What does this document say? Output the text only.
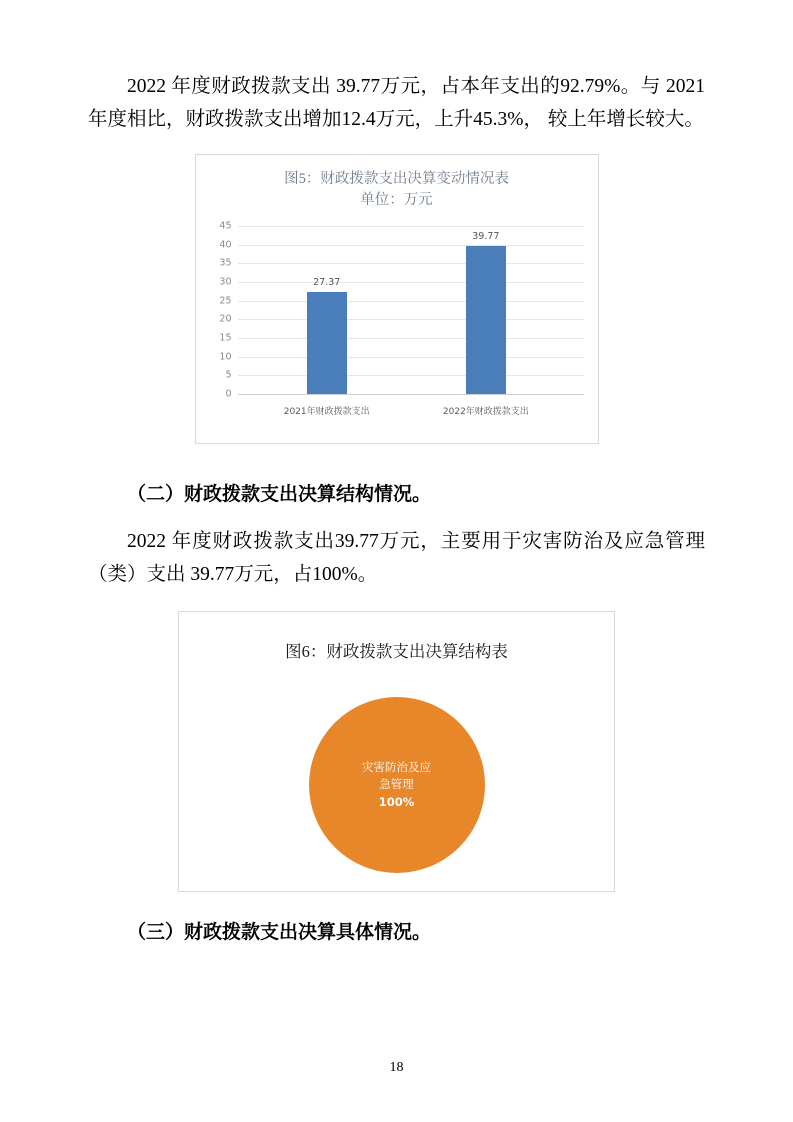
2022 年度财政拨款支出 39.77万元，占本年支出的92.79%。与 2021 年度相比，财政拨款支出增加12.4万元，上升45.3%， 较上年增长较大。

图5：财政拨款支出决算变动情况表
单位：万元
0
5
10
15
20
25
30
35
40
45
27.37
2021年财政拨款支出
39.77
2022年财政拨款支出

（二）财政拨款支出决算结构情况。

2022 年度财政拨款支出39.77万元，主要用于灾害防治及应急管理（类）支出 39.77万元，占100%。

图6：财政拨款支出决算结构表
灾害防治及应
急管理
100%

（三）财政拨款支出决算具体情况。

18
